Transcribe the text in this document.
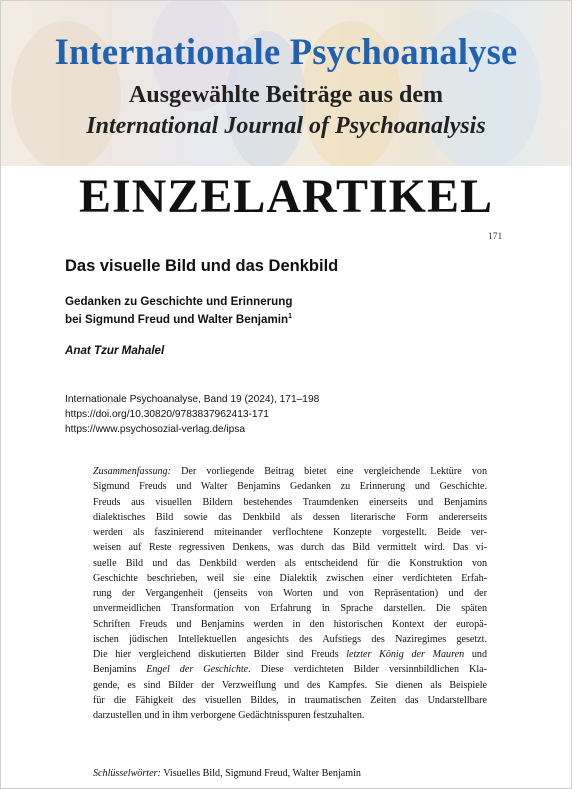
Internationale Psychoanalyse
Ausgewählte Beiträge aus dem
International Journal of Psychoanalysis
EINZELARTIKEL
171
Das visuelle Bild und das Denkbild
Gedanken zu Geschichte und Erinnerung
bei Sigmund Freud und Walter Benjamin$^1$
Anat Tzur Mahalel
Internationale Psychoanalyse, Band 19 (2024), 171–198
https://doi.org/10.30820/9783837962413-171
https://www.psychosozial-verlag.de/ipsa
Zusammenfassung: Der vorliegende Beitrag bietet eine vergleichende Lektüre von
Sigmund Freuds und Walter Benjamins Gedanken zu Erinnerung und Geschichte.
Freuds aus visuellen Bildern bestehendes Traumdenken einerseits und Benjamins
dialektisches Bild sowie das Denkbild als dessen literarische Form andererseits
werden als faszinierend miteinander verflochtene Konzepte vorgestellt. Beide ver-
weisen auf Reste regressiven Denkens, was durch das Bild vermittelt wird. Das vi-
suelle Bild und das Denkbild werden als entscheidend für die Konstruktion von
Geschichte beschrieben, weil sie eine Dialektik zwischen einer verdichteten Erfah-
rung der Vergangenheit (jenseits von Worten und von Repräsentation) und der
unvermeidlichen Transformation von Erfahrung in Sprache darstellen. Die späten
Schriften Freuds und Benjamins werden in den historischen Kontext der europä-
ischen jüdischen Intellektuellen angesichts des Aufstiegs des Naziregimes gesetzt.
Die hier vergleichend diskutierten Bilder sind Freuds letzter König der Mauren und
Benjamins Engel der Geschichte. Diese verdichteten Bilder versinnbildlichen Kla-
gende, es sind Bilder der Verzweiflung und des Kampfes. Sie dienen als Beispiele
für die Fähigkeit des visuellen Bildes, in traumatischen Zeiten das Undarstellbare
darzustellen und in ihm verborgene Gedächtnisspuren festzuhalten.
Schlüsselwörter: Visuelles Bild, Sigmund Freud, Walter Benjamin
